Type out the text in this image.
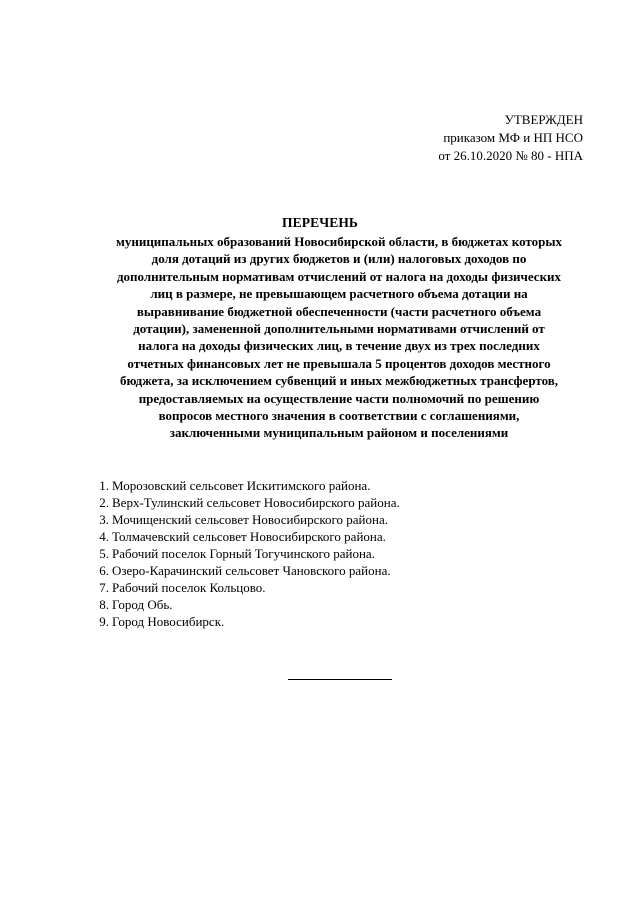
УТВЕРЖДЕН
приказом МФ и НП НСО
от 26.10.2020 № 80 - НПА
ПЕРЕЧЕНЬ
муниципальных образований Новосибирской области, в бюджетах которых
доля дотаций из других бюджетов и (или) налоговых доходов по
дополнительным нормативам отчислений от налога на доходы физических
лиц в размере, не превышающем расчетного объема дотации на
выравнивание бюджетной обеспеченности (части расчетного объема
дотации), замененной дополнительными нормативами отчислений от
налога на доходы физических лиц, в течение двух из трех последних
отчетных финансовых лет не превышала 5 процентов доходов местного
бюджета, за исключением субвенций и иных межбюджетных трансфертов,
предоставляемых на осуществление части полномочий по решению
вопросов местного значения в соответствии с соглашениями,
заключенными муниципальным районом и поселениями
1. Морозовский сельсовет Искитимского района.
2. Верх-Тулинский сельсовет Новосибирского района.
3. Мочищенский сельсовет Новосибирского района.
4. Толмачевский сельсовет Новосибирского района.
5. Рабочий поселок Горный Тогучинского района.
6. Озеро-Карачинский сельсовет Чановского района.
7. Рабочий поселок Кольцово.
8. Город Обь.
9. Город Новосибирск.
